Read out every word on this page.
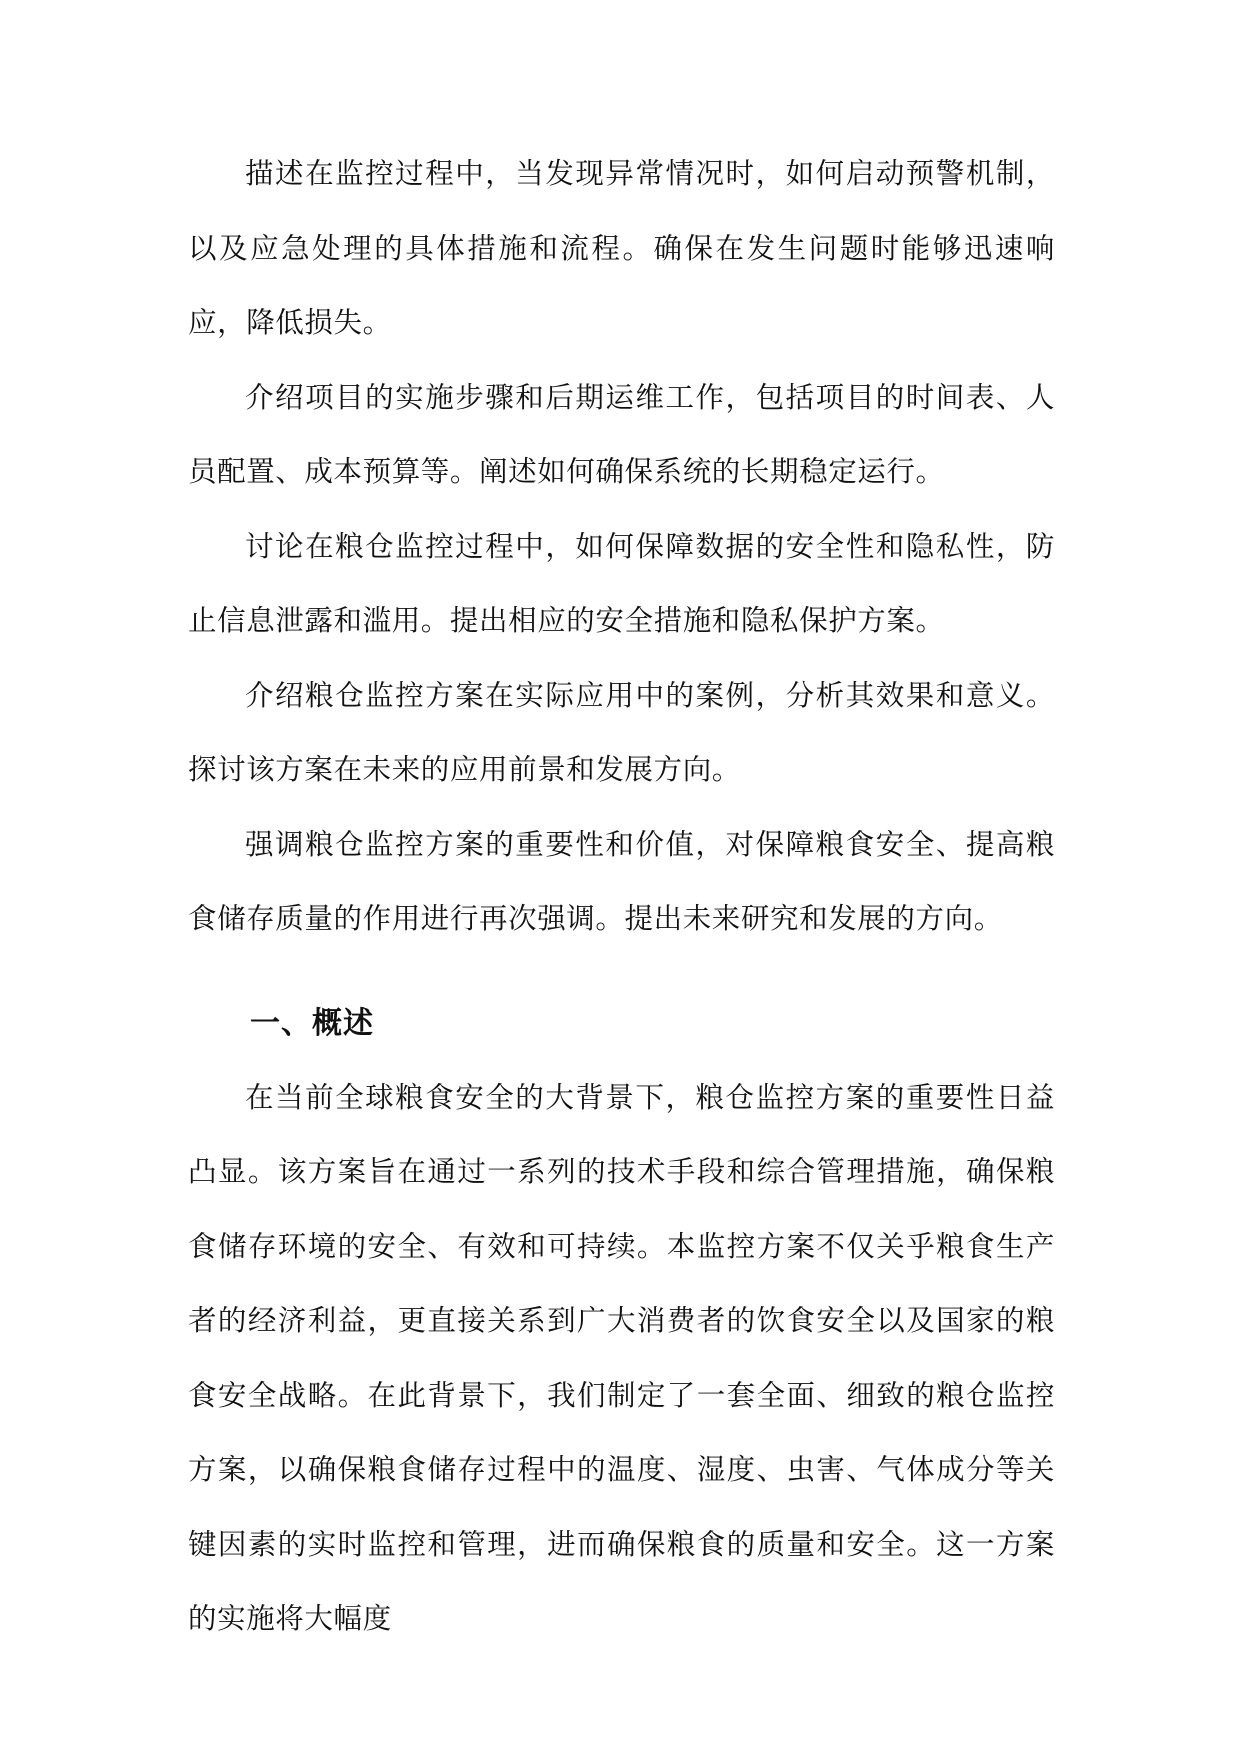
描述在监控过程中，当发现异常情况时，如何启动预警机制，以及应急处理的具体措施和流程。确保在发生问题时能够迅速响应，降低损失。

介绍项目的实施步骤和后期运维工作，包括项目的时间表、人员配置、成本预算等。阐述如何确保系统的长期稳定运行。

讨论在粮仓监控过程中，如何保障数据的安全性和隐私性，防止信息泄露和滥用。提出相应的安全措施和隐私保护方案。

介绍粮仓监控方案在实际应用中的案例，分析其效果和意义。探讨该方案在未来的应用前景和发展方向。

强调粮仓监控方案的重要性和价值，对保障粮食安全、提高粮食储存质量的作用进行再次强调。提出未来研究和发展的方向。

一、概述

在当前全球粮食安全的大背景下，粮仓监控方案的重要性日益凸显。该方案旨在通过一系列的技术手段和综合管理措施，确保粮食储存环境的安全、有效和可持续。本监控方案不仅关乎粮食生产者的经济利益，更直接关系到广大消费者的饮食安全以及国家的粮食安全战略。在此背景下，我们制定了一套全面、细致的粮仓监控方案，以确保粮食储存过程中的温度、湿度、虫害、气体成分等关键因素的实时监控和管理，进而确保粮食的质量和安全。这一方案的实施将大幅度
